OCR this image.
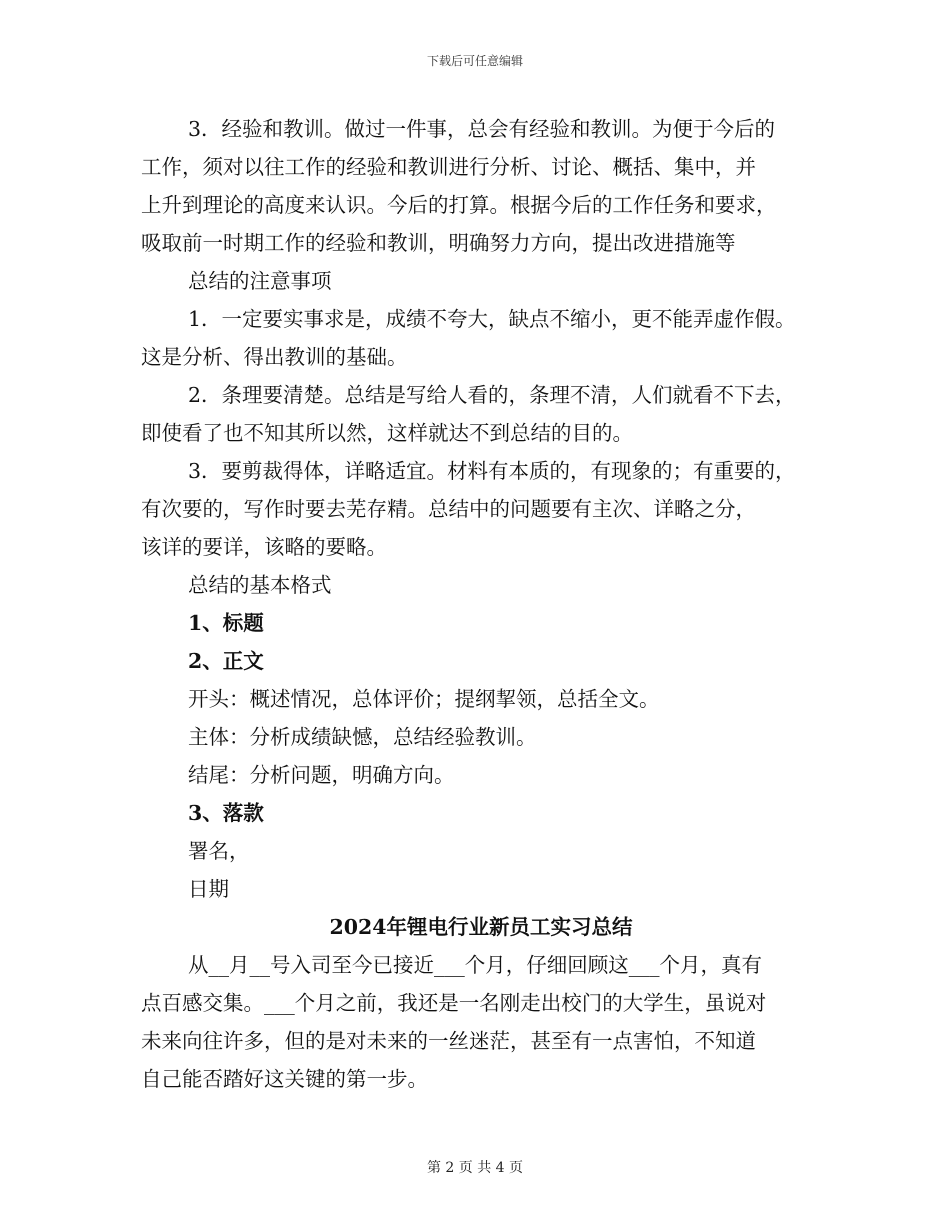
下载后可任意编辑
3．经验和教训。做过一件事，总会有经验和教训。为便于今后的
工作，须对以往工作的经验和教训进行分析、讨论、概括、集中，并
上升到理论的高度来认识。今后的打算。根据今后的工作任务和要求，
吸取前一时期工作的经验和教训，明确努力方向，提出改进措施等
总结的注意事项
1．一定要实事求是，成绩不夸大，缺点不缩小，更不能弄虚作假。
这是分析、得出教训的基础。
2．条理要清楚。总结是写给人看的，条理不清，人们就看不下去，
即使看了也不知其所以然，这样就达不到总结的目的。
3．要剪裁得体，详略适宜。材料有本质的，有现象的；有重要的，
有次要的，写作时要去芜存精。总结中的问题要有主次、详略之分，
该详的要详，该略的要略。
总结的基本格式
1、标题
2、正文
开头：概述情况，总体评价；提纲挈领，总括全文。
主体：分析成绩缺憾，总结经验教训。
结尾：分析问题，明确方向。
3、落款
署名，
日期
2024年锂电行业新员工实习总结
从__月__号入司至今已接近___个月，仔细回顾这___个月，真有
点百感交集。___个月之前，我还是一名刚走出校门的大学生，虽说对
未来向往许多，但的是对未来的一丝迷茫，甚至有一点害怕，不知道
自己能否踏好这关键的第一步。
第 2 页 共 4 页
